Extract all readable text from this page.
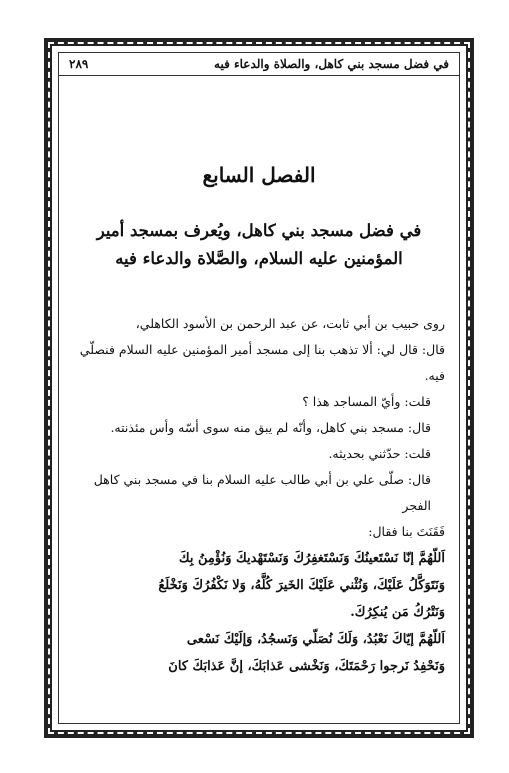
في فضل مسجد بني كاهل، والصلاة والدعاء فيه
٢٨٩
الفصل السابع
في فضل مسجد بني كاهل، ويُعرف بمسجد أمير
المؤمنين عليه السلام، والصَّلاة والدعاء فيه

روى حبيب بن أبي ثابت، عن عبد الرحمن بن الأسود الكاهلي،

قال: قال لي: ألا تذهب بنا إلى مسجد أمير المؤمنين عليه السلام فنصلّي فيه.

قلت: وأيّ المساجد هذا ؟

قال: مسجد بني كاهل، وأنّه لم يبق منه سوى أسّه وأس مئذنته.

قلت: حدّثني بحديثه.

قال: صلّى علي بن أبي طالب عليه السلام بنا في مسجد بني كاهل الفجر

فَقَنَتَ بنا فقال:

اَللّهُمَّ إنّا نَسْتَعينُكَ وَنَسْتَغفِرُكَ وَنَسْتَهْديكَ وَنُؤْمِنُ بِكَ

وَنَتَوَكَّلُ عَلَيْكَ، وَنُثْني عَلَيْكَ الخَيرَ كُلَّهُ، وَلا نَكْفُرُكَ وَنَخْلَعُ

وَنَتْرُكُ مَن يُنكِرُكَ.

اَللّهُمَّ إيّاكَ نَعْبُدُ، وَلَكَ نُصَلّي وَنَسجُدُ، وَإلَيْكَ نَسْعى

وَنَحْفِدُ نَرجوا رَحْمَتَكَ، وَنَخْشى عَذابَكَ، إنَّ عَذابَكَ كانَ
